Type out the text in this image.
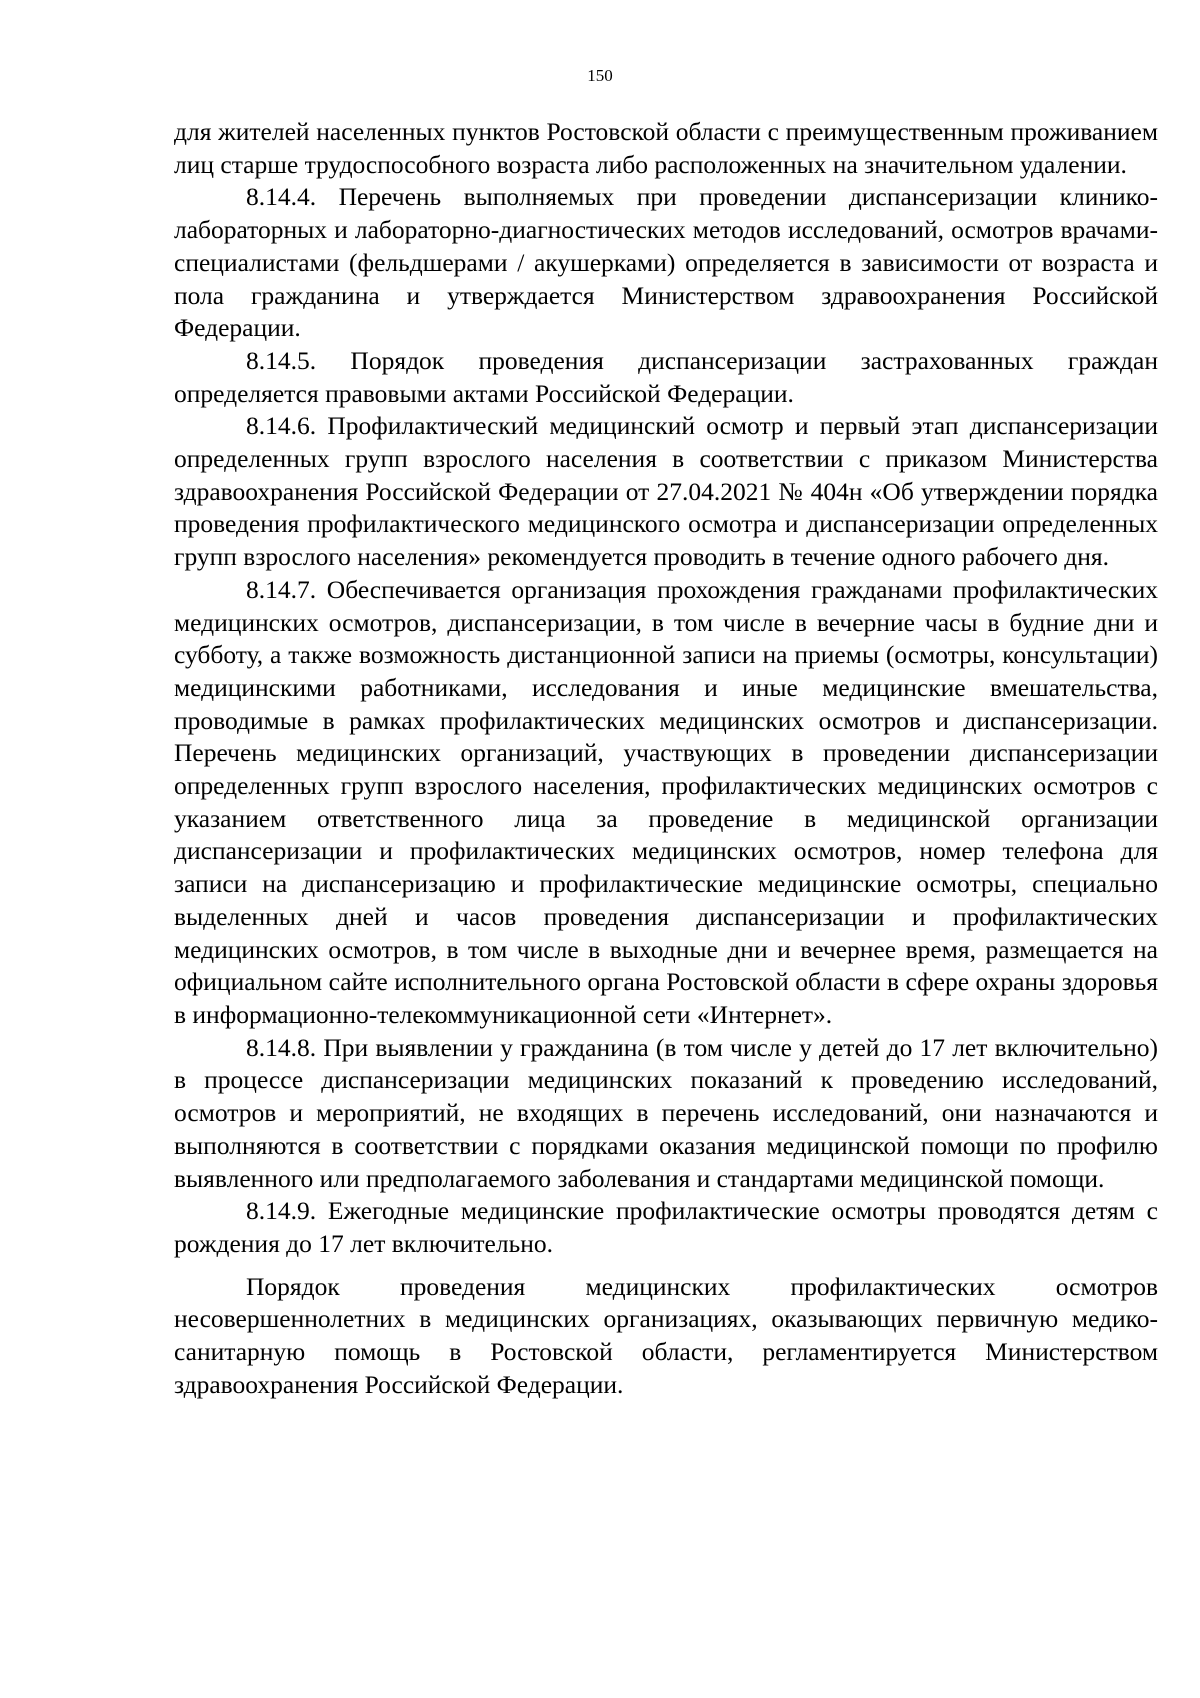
150

для жителей населенных пунктов Ростовской области с преимущественным проживанием лиц старше трудоспособного возраста либо расположенных на значительном удалении.

8.14.4. Перечень выполняемых при проведении диспансеризации клинико-лабораторных и лабораторно-диагностических методов исследований, осмотров врачами-специалистами (фельдшерами / акушерками) определяется в зависимости от возраста и пола гражданина и утверждается Министерством здравоохранения Российской Федерации.

8.14.5. Порядок проведения диспансеризации застрахованных граждан определяется правовыми актами Российской Федерации.

8.14.6. Профилактический медицинский осмотр и первый этап диспансеризации определенных групп взрослого населения в соответствии с приказом Министерства здравоохранения Российской Федерации от 27.04.2021 № 404н «Об утверждении порядка проведения профилактического медицинского осмотра и диспансеризации определенных групп взрослого населения» рекомендуется проводить в течение одного рабочего дня.

8.14.7. Обеспечивается организация прохождения гражданами профилактических медицинских осмотров, диспансеризации, в том числе в вечерние часы в будние дни и субботу, а также возможность дистанционной записи на приемы (осмотры, консультации) медицинскими работниками, исследования и иные медицинские вмешательства, проводимые в рамках профилактических медицинских осмотров и диспансеризации. Перечень медицинских организаций, участвующих в проведении диспансеризации определенных групп взрослого населения, профилактических медицинских осмотров с указанием ответственного лица за проведение в медицинской организации диспансеризации и профилактических медицинских осмотров, номер телефона для записи на диспансеризацию и профилактические медицинские осмотры, специально выделенных дней и часов проведения диспансеризации и профилактических медицинских осмотров, в том числе в выходные дни и вечернее время, размещается на официальном сайте исполнительного органа Ростовской области в сфере охраны здоровья в информационно-телекоммуникационной сети «Интернет».

8.14.8. При выявлении у гражданина (в том числе у детей до 17 лет включительно) в процессе диспансеризации медицинских показаний к проведению исследований, осмотров и мероприятий, не входящих в перечень исследований, они назначаются и выполняются в соответствии с порядками оказания медицинской помощи по профилю выявленного или предполагаемого заболевания и стандартами медицинской помощи.

8.14.9. Ежегодные медицинские профилактические осмотры проводятся детям с рождения до 17 лет включительно.

Порядок проведения медицинских профилактических осмотров несовершеннолетних в медицинских организациях, оказывающих первичную медико-санитарную помощь в Ростовской области, регламентируется Министерством здравоохранения Российской Федерации.
